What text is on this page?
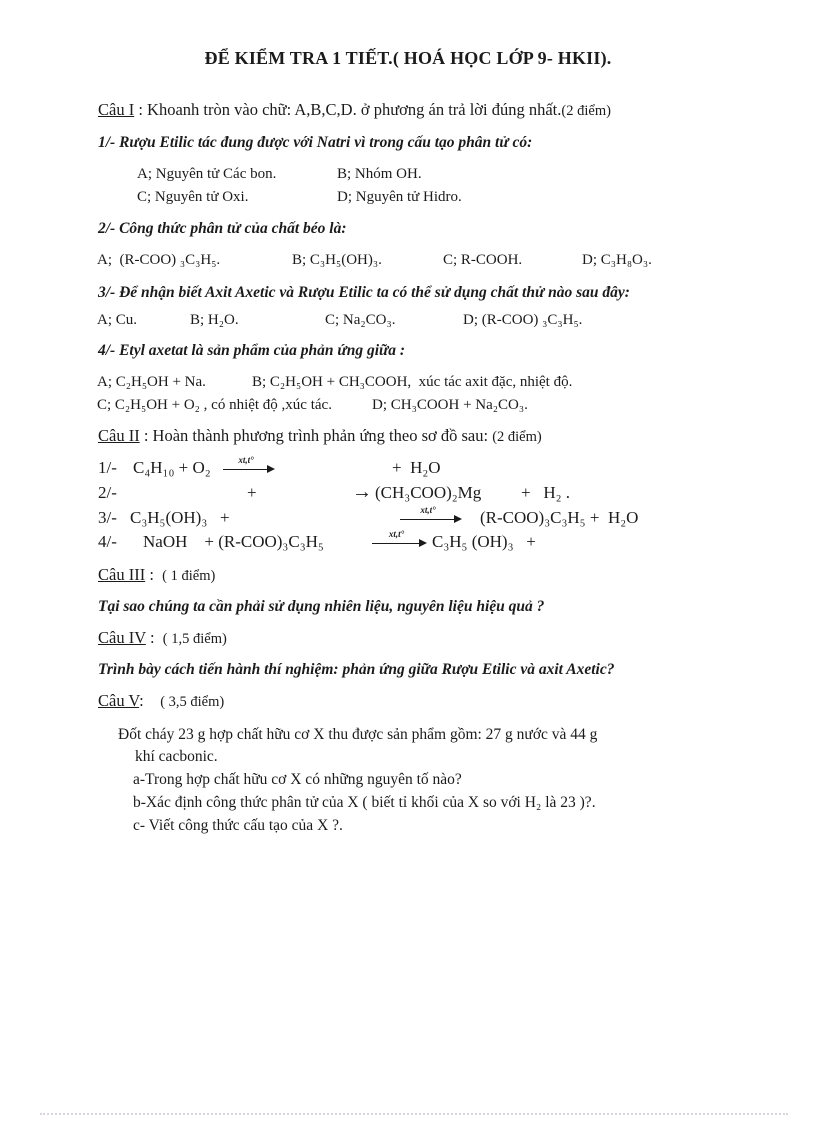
ĐỂ KIỂM TRA 1 TIẾT.( HOÁ HỌC LỚP 9- HKII).
Câu I : Khoanh tròn vào chữ: A,B,C,D. ở phương án trả lời đúng nhất.(2 điểm)
1/- Rượu Etilic tác đung được với Natri vì trong cấu tạo phân tử có:
A; Nguyên tử Các bon.	B; Nhóm OH.
C; Nguyên tử Oxi.	D; Nguyên tử Hidro.
2/- Công thức phân tử của chất béo là:
A;  (R-COO) ₃C₃H₅.	B; C₃H₅(OH)₃.	C; R-COOH.	D; C₃H₈O₃.
3/- Để nhận biết Axit Axetic và Rượu Etilic ta có thể sử dụng chất thử nào sau đây:
A; Cu.	B; H₂O.	C; Na₂CO₃.	D; (R-COO) ₃C₃H₅.
4/- Etyl axetat là sản phẩm của phản ứng giữa :
A; C₂H₅OH + Na.	B; C₂H₅OH + CH₃COOH,  xúc tác axit đặc, nhiệt độ.
C; C₂H₅OH + O₂ , có nhiệt độ ,xúc tác.	D; CH₃COOH + Na₂CO₃.
Câu II : Hoàn thành phương trình phản ứng theo sơ đồ sau: (2 điểm)
1/- C₄H₁₀ + O₂	xt,t°	+  H₂O
2/-	+	→ (CH₃COO)₂Mg +   H₂ .
3/- C₃H₅(OH)₃   +	xt,t°	(R-COO)₃C₃H₅ +  H₂O
4/- NaOH    + (R-COO)₃C₃H₅	xt,t°	C₃H₅ (OH)₃   +
Câu III :  ( 1 điểm)
Tại sao chúng ta cần phải sử dụng nhiên liệu, nguyên liệu hiệu quả ?
Câu IV :  ( 1,5 điểm)
Trình bày cách tiến hành thí nghiệm: phản ứng giữa Rượu Etilic và axit Axetic?
Câu V:    ( 3,5 điểm)
Đốt cháy 23 g hợp chất hữu cơ X thu được sản phẩm gồm: 27 g nước và 44 g
khí cacbonic.
a-Trong hợp chất hữu cơ X có những nguyên tố nào?
b-Xác định công thức phân tử của X ( biết tỉ khối của X so với H₂ là 23 )?.
c- Viết công thức cấu tạo của X ?.
